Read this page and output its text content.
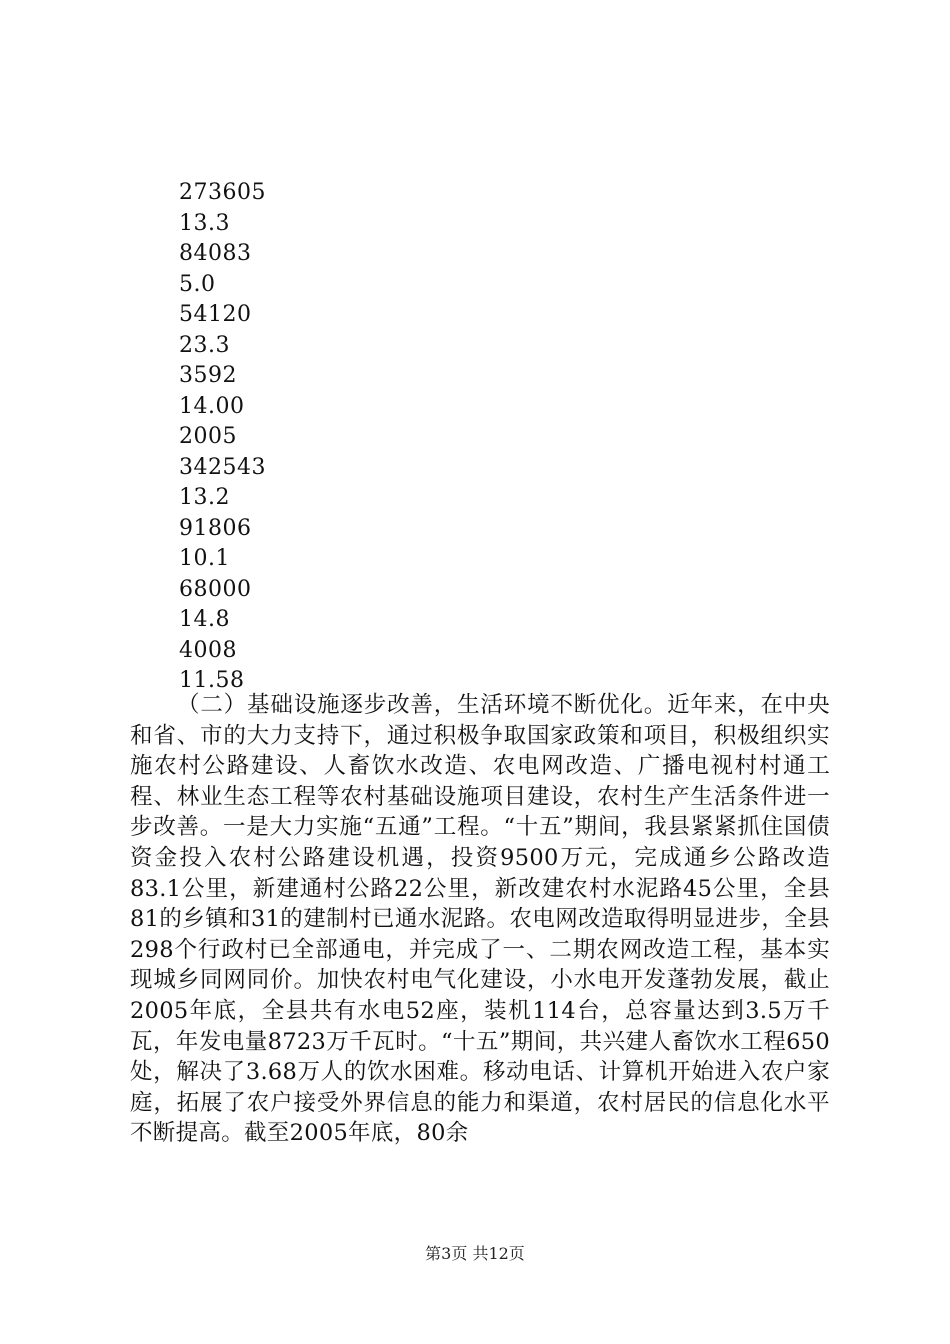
273605
13.3
84083
5.0
54120
23.3
3592
14.00
2005
342543
13.2
91806
10.1
68000
14.8
4008
11.58

（二）基础设施逐步改善，生活环境不断优化。近年来，在中央和省、市的大力支持下，通过积极争取国家政策和项目，积极组织实施农村公路建设、人畜饮水改造、农电网改造、广播电视村村通工程、林业生态工程等农村基础设施项目建设，农村生产生活条件进一步改善。一是大力实施“五通”工程。“十五”期间，我县紧紧抓住国债资金投入农村公路建设机遇，投资9500万元，完成通乡公路改造83.1公里，新建通村公路22公里，新改建农村水泥路45公里，全县81的乡镇和31的建制村已通水泥路。农电网改造取得明显进步，全县298个行政村已全部通电，并完成了一、二期农网改造工程，基本实现城乡同网同价。加快农村电气化建设，小水电开发蓬勃发展，截止2005年底，全县共有水电52座，装机114台，总容量达到3.5万千瓦，年发电量8723万千瓦时。“十五”期间，共兴建人畜饮水工程650处，解决了3.68万人的饮水困难。移动电话、计算机开始进入农户家庭，拓展了农户接受外界信息的能力和渠道，农村居民的信息化水平不断提高。截至2005年底，80余

第3页 共12页
